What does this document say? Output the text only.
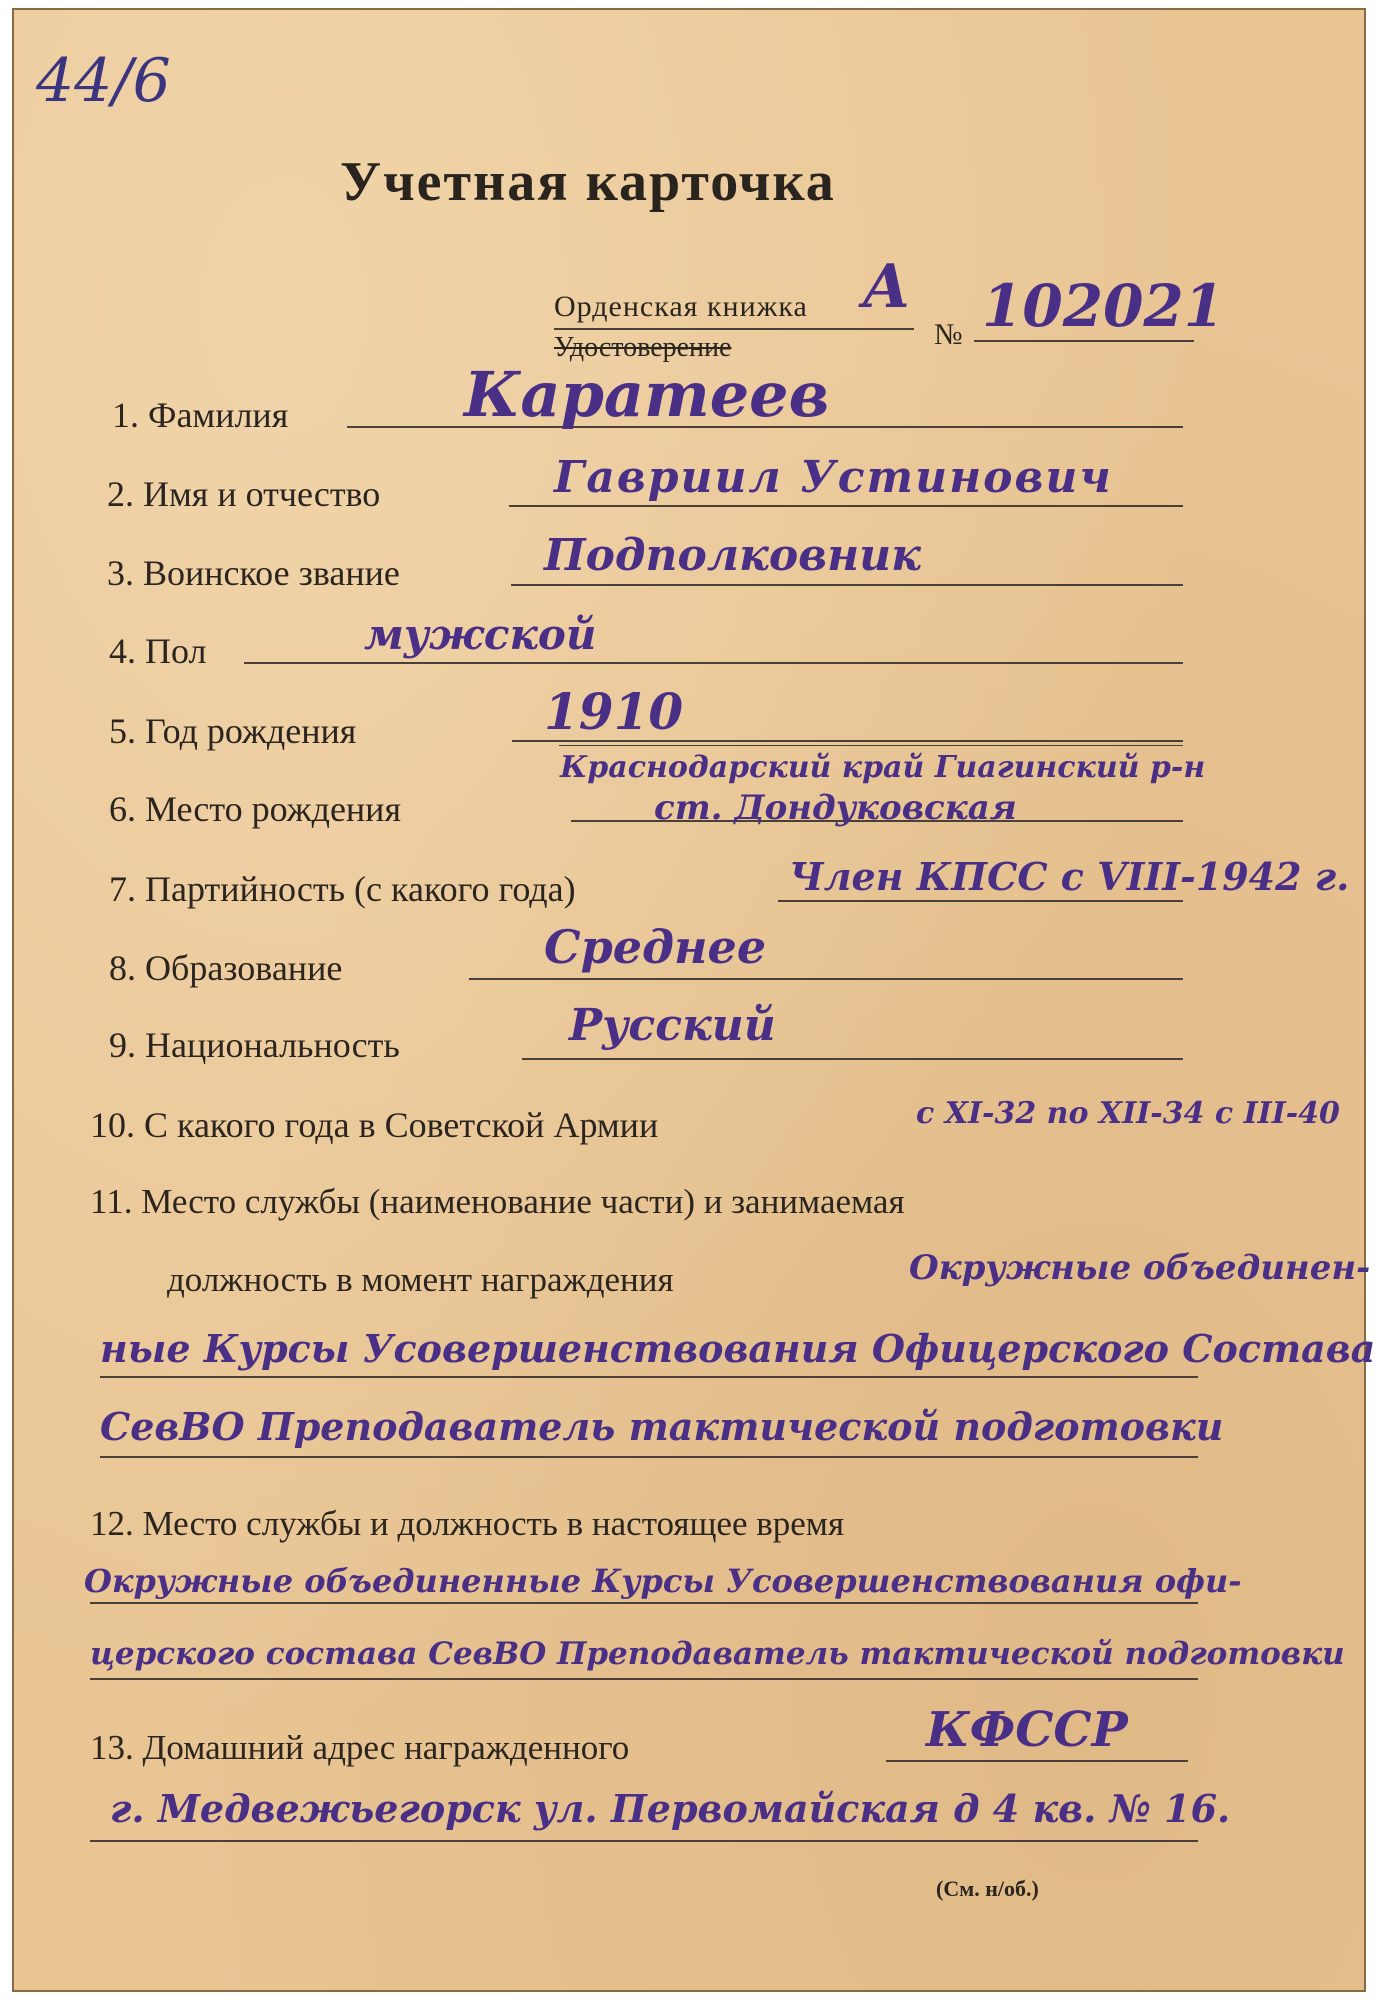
44/6
Учетная карточка
Орденская книжка
Удостоверение
А
№ 102021
1. Фамилия	Каратеев
2. Имя и отчество	Гавриил Устинович
3. Воинское звание	Подполковник
4. Пол	мужской
5. Год рождения	1910
6. Место рождения
Краснодарский край Гиагинский р-н
ст. Дондуковская
7. Партийность (с какого года)	Член КПСС с VIII-1942 г.
8. Образование	Среднее
9. Национальность	Русский
10. С какого года в Советской Армии	с XI-32 по XII-34 с III-40
11. Место службы (наименование части) и занимаемая
должность в момент награждения	Окружные объединен-
ные Курсы Усовершенствования Офицерского Состава
СевВО Преподаватель тактической подготовки
12. Место службы и должность в настоящее время
Окружные объединенные Курсы Усовершенствования офи-
церского состава СевВО Преподаватель тактической подготовки
13. Домашний адрес награжденного	КФССР
г. Медвежьегорск ул. Первомайская д 4 кв. № 16.
(См. н/об.)
